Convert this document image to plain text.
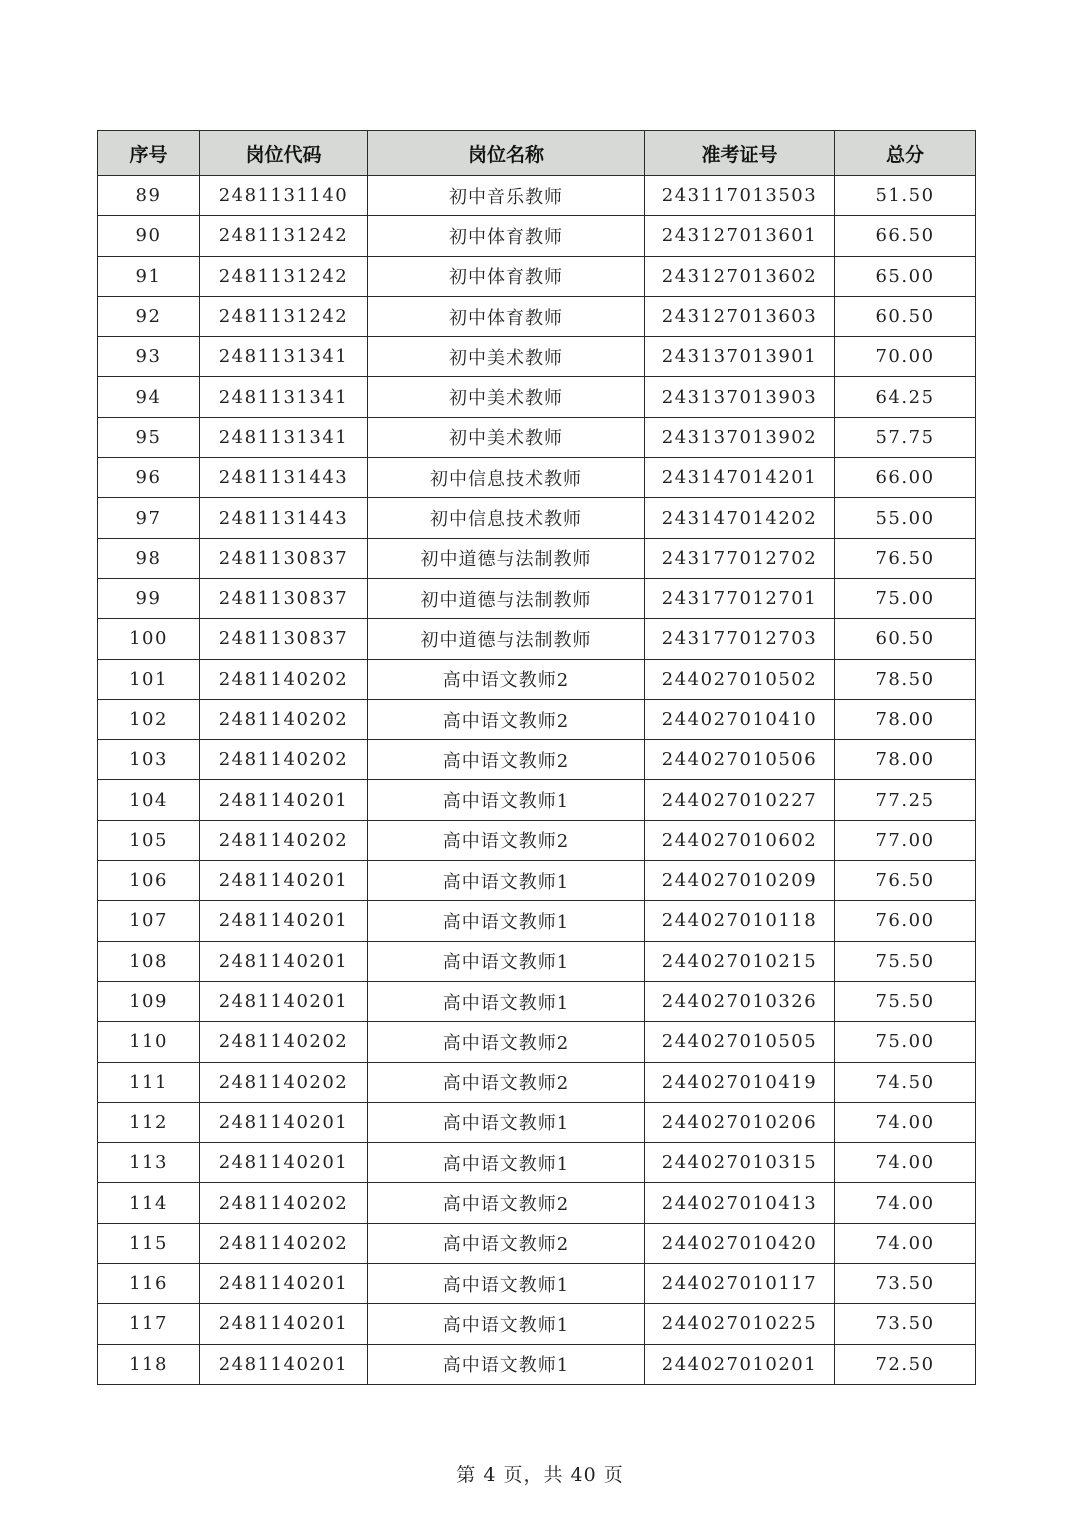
序号	岗位代码	岗位名称	准考证号	总分
89	2481131140	初中音乐教师	243117013503	51.50
90	2481131242	初中体育教师	243127013601	66.50
91	2481131242	初中体育教师	243127013602	65.00
92	2481131242	初中体育教师	243127013603	60.50
93	2481131341	初中美术教师	243137013901	70.00
94	2481131341	初中美术教师	243137013903	64.25
95	2481131341	初中美术教师	243137013902	57.75
96	2481131443	初中信息技术教师	243147014201	66.00
97	2481131443	初中信息技术教师	243147014202	55.00
98	2481130837	初中道德与法制教师	243177012702	76.50
99	2481130837	初中道德与法制教师	243177012701	75.00
100	2481130837	初中道德与法制教师	243177012703	60.50
101	2481140202	高中语文教师2	244027010502	78.50
102	2481140202	高中语文教师2	244027010410	78.00
103	2481140202	高中语文教师2	244027010506	78.00
104	2481140201	高中语文教师1	244027010227	77.25
105	2481140202	高中语文教师2	244027010602	77.00
106	2481140201	高中语文教师1	244027010209	76.50
107	2481140201	高中语文教师1	244027010118	76.00
108	2481140201	高中语文教师1	244027010215	75.50
109	2481140201	高中语文教师1	244027010326	75.50
110	2481140202	高中语文教师2	244027010505	75.00
111	2481140202	高中语文教师2	244027010419	74.50
112	2481140201	高中语文教师1	244027010206	74.00
113	2481140201	高中语文教师1	244027010315	74.00
114	2481140202	高中语文教师2	244027010413	74.00
115	2481140202	高中语文教师2	244027010420	74.00
116	2481140201	高中语文教师1	244027010117	73.50
117	2481140201	高中语文教师1	244027010225	73.50
118	2481140201	高中语文教师1	244027010201	72.50
第 4 页，共 40 页
